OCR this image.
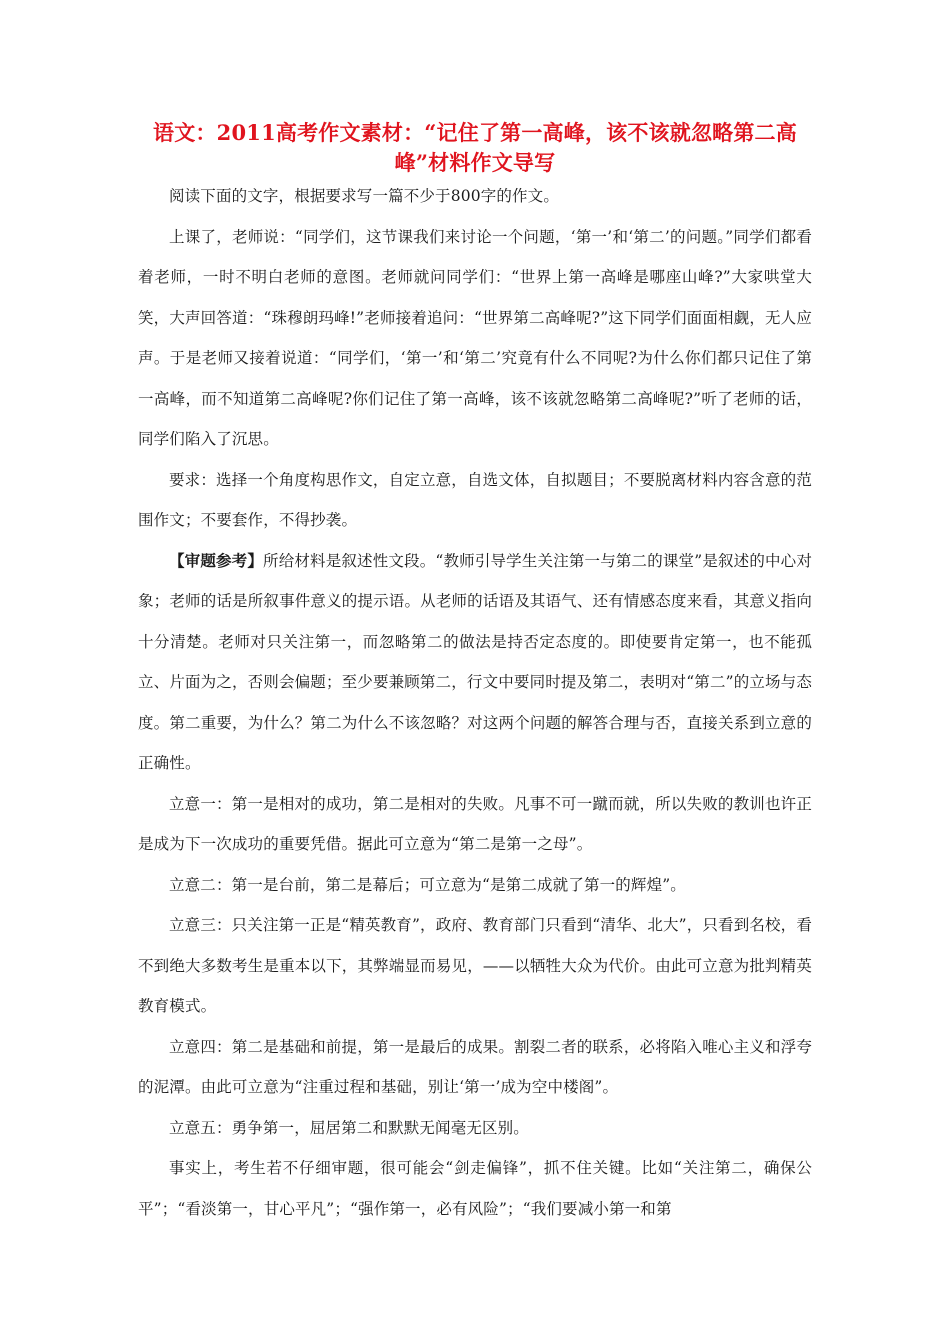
语文：2011高考作文素材：“记住了第一高峰，该不该就忽略第二高峰”材料作文导写

阅读下面的文字，根据要求写一篇不少于800字的作文。

上课了，老师说：“同学们，这节课我们来讨论一个问题，‘第一’和‘第二’的问题。”同学们都看着老师，一时不明白老师的意图。老师就问同学们：“世界上第一高峰是哪座山峰?”大家哄堂大笑，大声回答道：“珠穆朗玛峰!”老师接着追问：“世界第二高峰呢?”这下同学们面面相觑，无人应声。于是老师又接着说道：“同学们，‘第一’和‘第二’究竟有什么不同呢?为什么你们都只记住了第一高峰，而不知道第二高峰呢?你们记住了第一高峰，该不该就忽略第二高峰呢?”听了老师的话，同学们陷入了沉思。

要求：选择一个角度构思作文，自定立意，自选文体，自拟题目；不要脱离材料内容含意的范围作文；不要套作，不得抄袭。

【审题参考】所给材料是叙述性文段。“教师引导学生关注第一与第二的课堂”是叙述的中心对象；老师的话是所叙事件意义的提示语。从老师的话语及其语气、还有情感态度来看，其意义指向十分清楚。老师对只关注第一，而忽略第二的做法是持否定态度的。即使要肯定第一，也不能孤立、片面为之，否则会偏题；至少要兼顾第二，行文中要同时提及第二，表明对“第二”的立场与态度。第二重要，为什么？第二为什么不该忽略？对这两个问题的解答合理与否，直接关系到立意的正确性。

立意一：第一是相对的成功，第二是相对的失败。凡事不可一蹴而就，所以失败的教训也许正是成为下一次成功的重要凭借。据此可立意为“第二是第一之母”。

立意二：第一是台前，第二是幕后；可立意为“是第二成就了第一的辉煌”。

立意三：只关注第一正是“精英教育”，政府、教育部门只看到“清华、北大”，只看到名校，看不到绝大多数考生是重本以下，其弊端显而易见，——以牺牲大众为代价。由此可立意为批判精英教育模式。

立意四：第二是基础和前提，第一是最后的成果。割裂二者的联系，必将陷入唯心主义和浮夸的泥潭。由此可立意为“注重过程和基础，别让‘第一’成为空中楼阁”。

立意五：勇争第一，屈居第二和默默无闻毫无区别。

事实上，考生若不仔细审题，很可能会“剑走偏锋”，抓不住关键。比如“关注第二，确保公平”；“看淡第一，甘心平凡”；“强作第一，必有风险”；“我们要减小第一和第
